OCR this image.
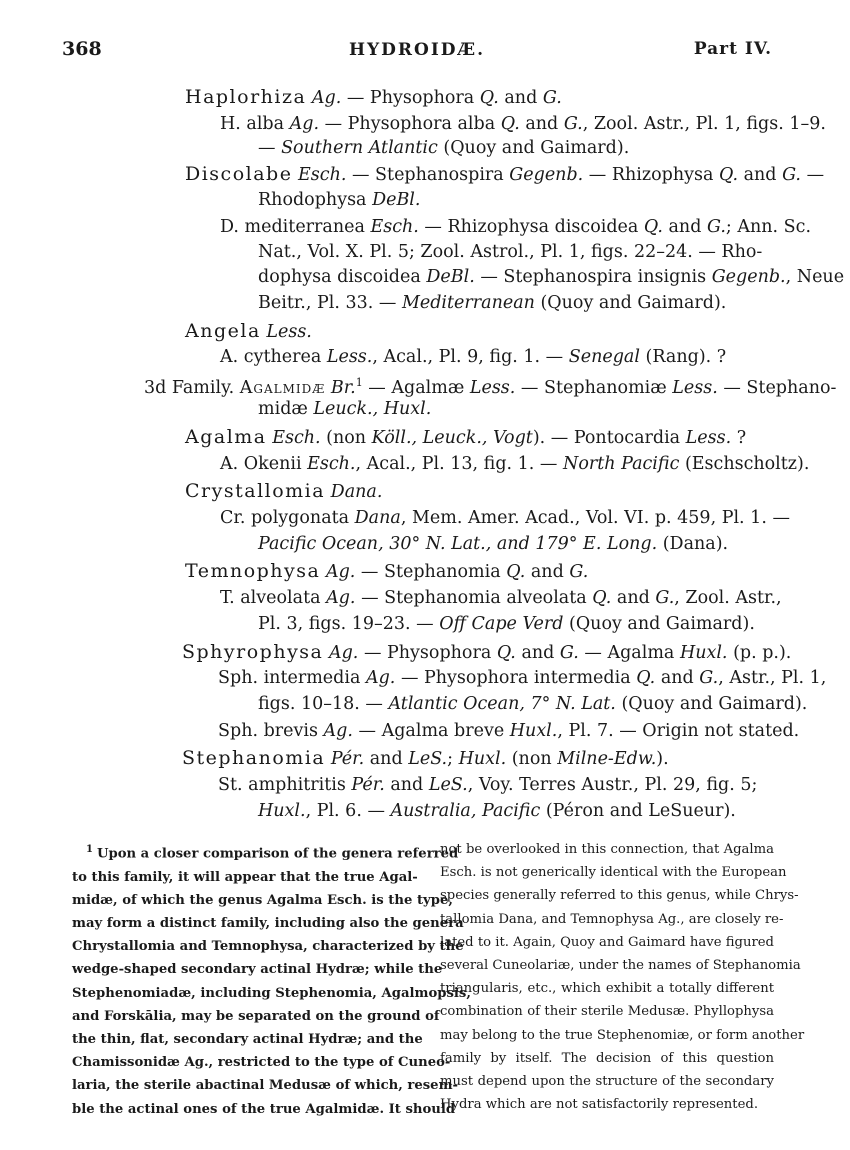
368	HYDROIDÆ.	Part IV.
Haplorhiza Ag. — Physophora Q. and G.
H. alba Ag. — Physophora alba Q. and G., Zool. Astr., Pl. 1, figs. 1–9.
— Southern Atlantic (Quoy and Gaimard).
Discolabe Esch. — Stephanospira Gegenb. — Rhizophysa Q. and G. —
Rhodophysa DeBl.
D. mediterranea Esch. — Rhizophysa discoidea Q. and G.; Ann. Sc.
Nat., Vol. X. Pl. 5; Zool. Astrol., Pl. 1, figs. 22–24. — Rho-
dophysa discoidea DeBl. — Stephanospira insignis Gegenb., Neue
Beitr., Pl. 33. — Mediterranean (Quoy and Gaimard).
Angela Less.
A. cytherea Less., Acal., Pl. 9, fig. 1. — Senegal (Rang). ?
3d Family. Agalmidæ Br.$^1$ — Agalmæ Less. — Stephanomiæ Less. — Stephano-
midæ Leuck., Huxl.
Agalma Esch. (non Köll., Leuck., Vogt). — Pontocardia Less. ?
A. Okenii Esch., Acal., Pl. 13, fig. 1. — North Pacific (Eschscholtz).
Crystallomia Dana.
Cr. polygonata Dana, Mem. Amer. Acad., Vol. VI. p. 459, Pl. 1. —
Pacific Ocean, 30° N. Lat., and 179° E. Long. (Dana).
Temnophysa Ag. — Stephanomia Q. and G.
T. alveolata Ag. — Stephanomia alveolata Q. and G., Zool. Astr.,
Pl. 3, figs. 19–23. — Off Cape Verd (Quoy and Gaimard).
Sphyrophysa Ag. — Physophora Q. and G. — Agalma Huxl. (p. p.).
Sph. intermedia Ag. — Physophora intermedia Q. and G., Astr., Pl. 1,
figs. 10–18. — Atlantic Ocean, 7° N. Lat. (Quoy and Gaimard).
Sph. brevis Ag. — Agalma breve Huxl., Pl. 7. — Origin not stated.
Stephanomia Pér. and LeS.; Huxl. (non Milne-Edw.).
St. amphitritis Pér. and LeS., Voy. Terres Austr., Pl. 29, fig. 5;
Huxl., Pl. 6. — Australia, Pacific (Péron and LeSueur).
$^1$ Upon a closer comparison of the genera referred
to this family, it will appear that the true Agal-
midæ, of which the genus Agalma Esch. is the type,
may form a distinct family, including also the genera
Chrystallomia and Temnophysa, characterized by the
wedge-shaped secondary actinal Hydræ; while the
Stephenomiadæ, including Stephenomia, Agalmopsis,
and Forskālia, may be separated on the ground of
the thin, flat, secondary actinal Hydræ; and the
Chamissonidæ Ag., restricted to the type of Cuneo-
laria, the sterile abactinal Medusæ of which, resem-
ble the actinal ones of the true Agalmidæ. It should
not be overlooked in this connection, that Agalma
Esch. is not generically identical with the European
species generally referred to this genus, while Chrys-
tallomia Dana, and Temnophysa Ag., are closely re-
lated to it. Again, Quoy and Gaimard have figured
several Cuneolariæ, under the names of Stephanomia
triangularis, etc., which exhibit a totally different
combination of their sterile Medusæ. Phyllophysa
may belong to the true Stephenomiæ, or form another
family by itself. The decision of this question
must depend upon the structure of the secondary
Hydra which are not satisfactorily represented.
